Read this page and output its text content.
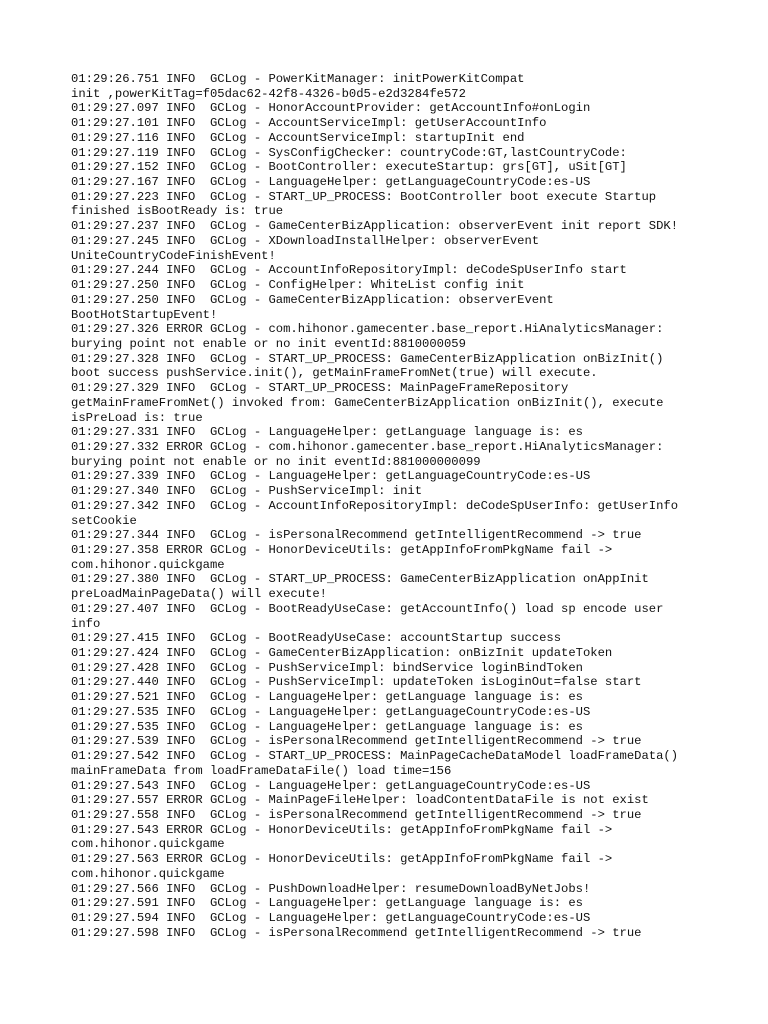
01:29:26.751 INFO  GCLog - PowerKitManager: initPowerKitCompat
init ,powerKitTag=f05dac62-42f8-4326-b0d5-e2d3284fe572
01:29:27.097 INFO  GCLog - HonorAccountProvider: getAccountInfo#onLogin
01:29:27.101 INFO  GCLog - AccountServiceImpl: getUserAccountInfo
01:29:27.116 INFO  GCLog - AccountServiceImpl: startupInit end
01:29:27.119 INFO  GCLog - SysConfigChecker: countryCode:GT,lastCountryCode:
01:29:27.152 INFO  GCLog - BootController: executeStartup: grs[GT], uSit[GT]
01:29:27.167 INFO  GCLog - LanguageHelper: getLanguageCountryCode:es-US
01:29:27.223 INFO  GCLog - START_UP_PROCESS: BootController boot execute Startup
finished isBootReady is: true
01:29:27.237 INFO  GCLog - GameCenterBizApplication: observerEvent init report SDK!
01:29:27.245 INFO  GCLog - XDownloadInstallHelper: observerEvent
UniteCountryCodeFinishEvent!
01:29:27.244 INFO  GCLog - AccountInfoRepositoryImpl: deCodeSpUserInfo start
01:29:27.250 INFO  GCLog - ConfigHelper: WhiteList config init
01:29:27.250 INFO  GCLog - GameCenterBizApplication: observerEvent
BootHotStartupEvent!
01:29:27.326 ERROR GCLog - com.hihonor.gamecenter.base_report.HiAnalyticsManager:
burying point not enable or no init eventId:8810000059
01:29:27.328 INFO  GCLog - START_UP_PROCESS: GameCenterBizApplication onBizInit()
boot success pushService.init(), getMainFrameFromNet(true) will execute.
01:29:27.329 INFO  GCLog - START_UP_PROCESS: MainPageFrameRepository
getMainFrameFromNet() invoked from: GameCenterBizApplication onBizInit(), execute
isPreLoad is: true
01:29:27.331 INFO  GCLog - LanguageHelper: getLanguage language is: es
01:29:27.332 ERROR GCLog - com.hihonor.gamecenter.base_report.HiAnalyticsManager:
burying point not enable or no init eventId:881000000099
01:29:27.339 INFO  GCLog - LanguageHelper: getLanguageCountryCode:es-US
01:29:27.340 INFO  GCLog - PushServiceImpl: init
01:29:27.342 INFO  GCLog - AccountInfoRepositoryImpl: deCodeSpUserInfo: getUserInfo
setCookie
01:29:27.344 INFO  GCLog - isPersonalRecommend getIntelligentRecommend -> true
01:29:27.358 ERROR GCLog - HonorDeviceUtils: getAppInfoFromPkgName fail ->
com.hihonor.quickgame
01:29:27.380 INFO  GCLog - START_UP_PROCESS: GameCenterBizApplication onAppInit
preLoadMainPageData() will execute!
01:29:27.407 INFO  GCLog - BootReadyUseCase: getAccountInfo() load sp encode user
info
01:29:27.415 INFO  GCLog - BootReadyUseCase: accountStartup success
01:29:27.424 INFO  GCLog - GameCenterBizApplication: onBizInit updateToken
01:29:27.428 INFO  GCLog - PushServiceImpl: bindService loginBindToken
01:29:27.440 INFO  GCLog - PushServiceImpl: updateToken isLoginOut=false start
01:29:27.521 INFO  GCLog - LanguageHelper: getLanguage language is: es
01:29:27.535 INFO  GCLog - LanguageHelper: getLanguageCountryCode:es-US
01:29:27.535 INFO  GCLog - LanguageHelper: getLanguage language is: es
01:29:27.539 INFO  GCLog - isPersonalRecommend getIntelligentRecommend -> true
01:29:27.542 INFO  GCLog - START_UP_PROCESS: MainPageCacheDataModel loadFrameData()
mainFrameData from loadFrameDataFile() load time=156
01:29:27.543 INFO  GCLog - LanguageHelper: getLanguageCountryCode:es-US
01:29:27.557 ERROR GCLog - MainPageFileHelper: loadContentDataFile is not exist
01:29:27.558 INFO  GCLog - isPersonalRecommend getIntelligentRecommend -> true
01:29:27.543 ERROR GCLog - HonorDeviceUtils: getAppInfoFromPkgName fail ->
com.hihonor.quickgame
01:29:27.563 ERROR GCLog - HonorDeviceUtils: getAppInfoFromPkgName fail ->
com.hihonor.quickgame
01:29:27.566 INFO  GCLog - PushDownloadHelper: resumeDownloadByNetJobs!
01:29:27.591 INFO  GCLog - LanguageHelper: getLanguage language is: es
01:29:27.594 INFO  GCLog - LanguageHelper: getLanguageCountryCode:es-US
01:29:27.598 INFO  GCLog - isPersonalRecommend getIntelligentRecommend -> true
